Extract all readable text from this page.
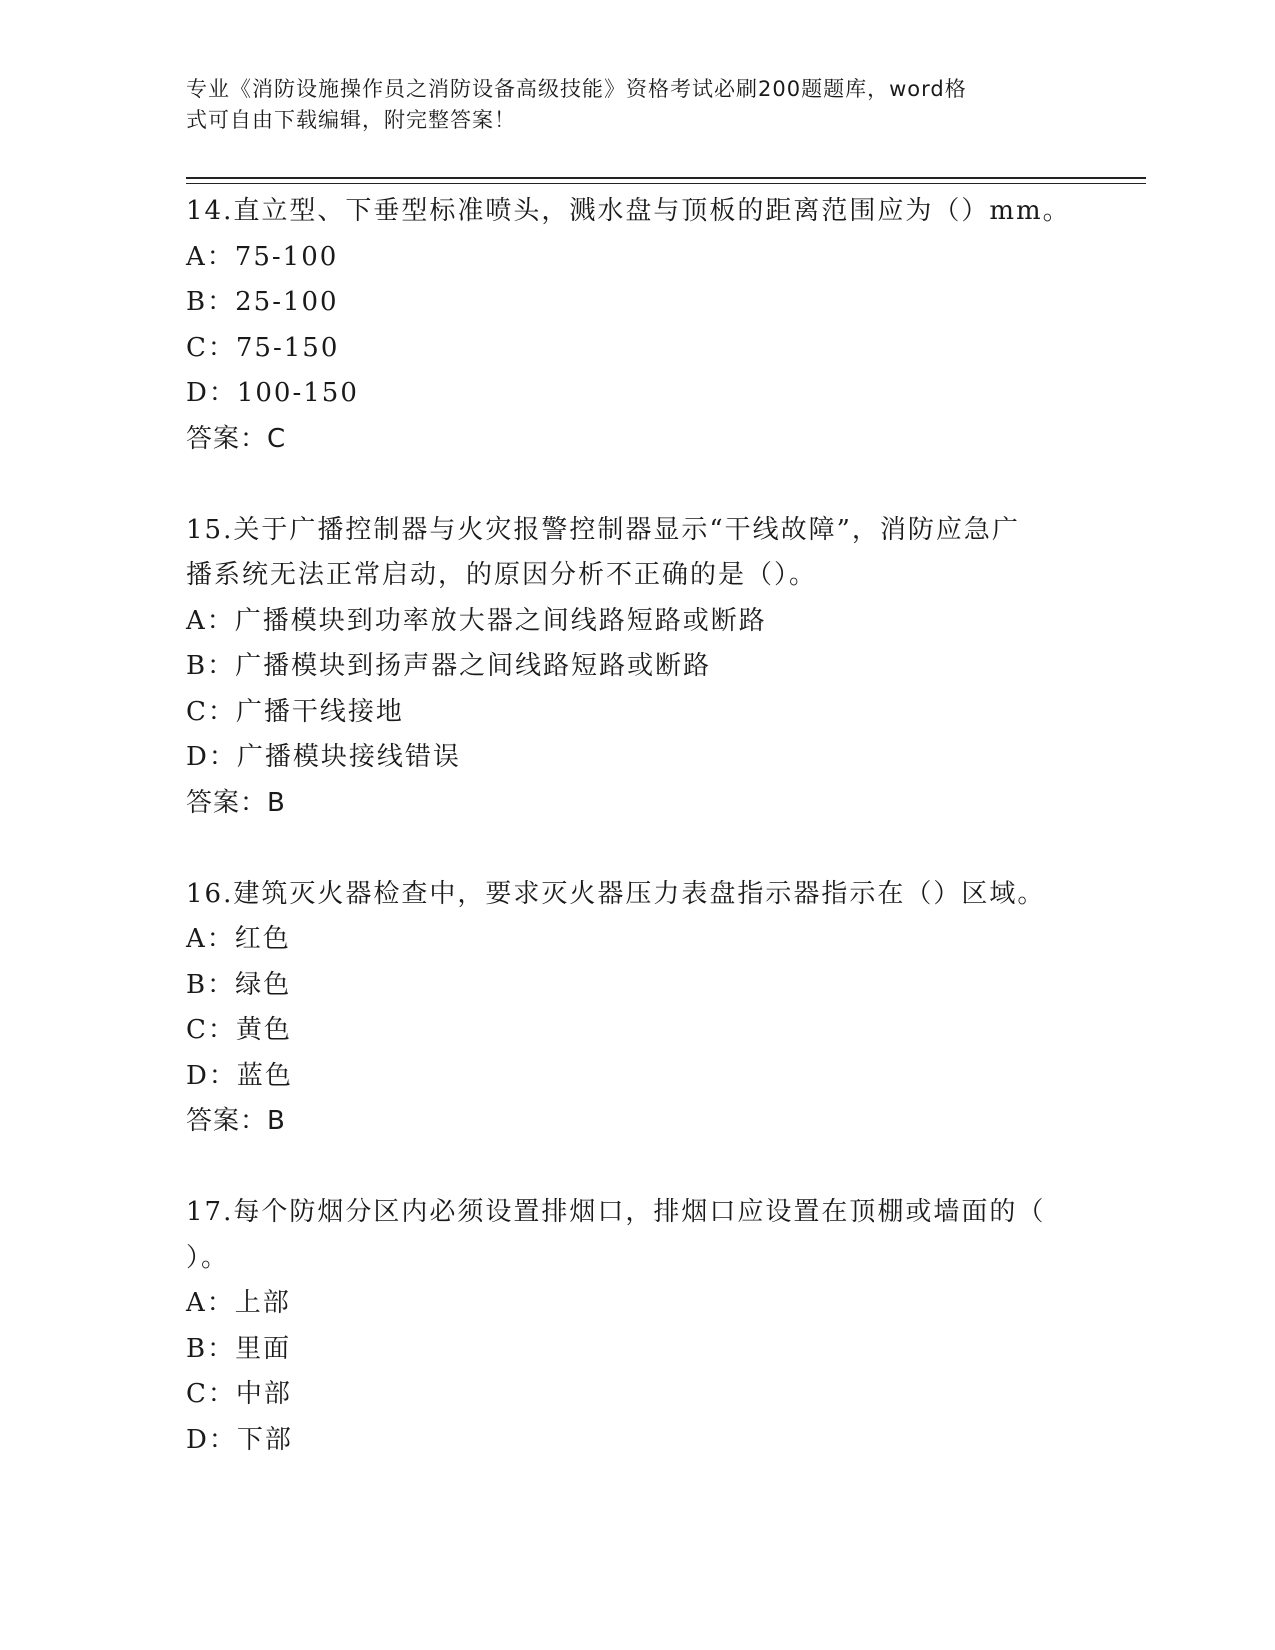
专业《消防设施操作员之消防设备高级技能》资格考试必刷200题题库，word格
式可自由下载编辑，附完整答案！
14.直立型、下垂型标准喷头，溅水盘与顶板的距离范围应为（）mm。
A：75-100
B：25-100
C：75-150
D：100-150
答案：C
15.关于广播控制器与火灾报警控制器显示“干线故障”，消防应急广
播系统无法正常启动，的原因分析不正确的是（）。
A：广播模块到功率放大器之间线路短路或断路
B：广播模块到扬声器之间线路短路或断路
C：广播干线接地
D：广播模块接线错误
答案：B
16.建筑灭火器检查中，要求灭火器压力表盘指示器指示在（）区域。
A：红色
B：绿色
C：黄色
D：蓝色
答案：B
17.每个防烟分区内必须设置排烟口，排烟口应设置在顶棚或墙面的（
）。
A：上部
B：里面
C：中部
D：下部
